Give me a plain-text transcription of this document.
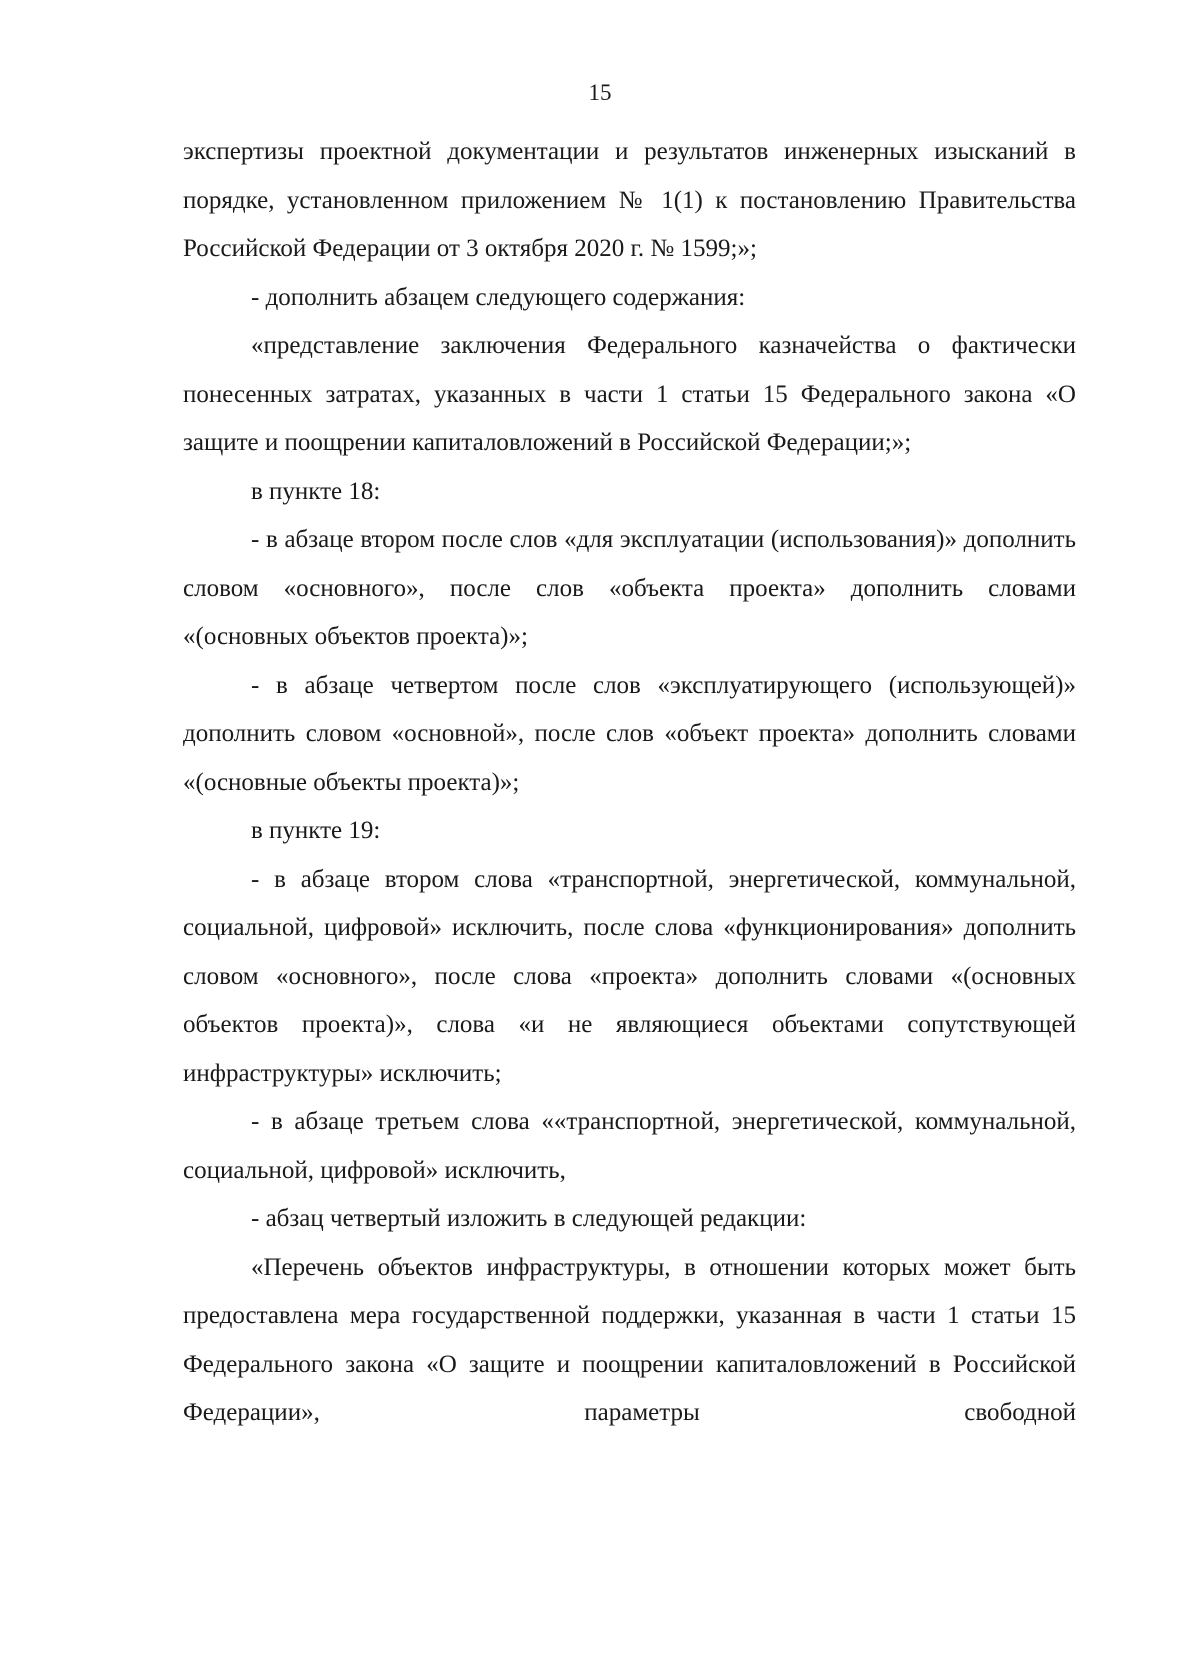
15

экспертизы проектной документации и результатов инженерных изысканий в порядке, установленном приложением № 1(1) к постановлению Правительства Российской Федерации от 3 октября 2020 г. № 1599;»;

- дополнить абзацем следующего содержания:

«представление заключения Федерального казначейства о фактически понесенных затратах, указанных в части 1 статьи 15 Федерального закона «О защите и поощрении капиталовложений в Российской Федерации;»;

в пункте 18:

- в абзаце втором после слов «для эксплуатации (использования)» дополнить словом «основного», после слов «объекта проекта» дополнить словами «(основных объектов проекта)»;

- в абзаце четвертом после слов «эксплуатирующего (использующей)» дополнить словом «основной», после слов «объект проекта» дополнить словами «(основные объекты проекта)»;

в пункте 19:

- в абзаце втором слова «транспортной, энергетической, коммунальной, социальной, цифровой» исключить, после слова «функционирования» дополнить словом «основного», после слова «проекта» дополнить словами «(основных объектов проекта)», слова «и не являющиеся объектами сопутствующей инфраструктуры» исключить;

- в абзаце третьем слова ««транспортной, энергетической, коммунальной, социальной, цифровой» исключить,

- абзац четвертый изложить в следующей редакции:

«Перечень объектов инфраструктуры, в отношении которых может быть предоставлена мера государственной поддержки, указанная в части 1 статьи 15 Федерального закона «О защите и поощрении капиталовложений в Российской Федерации», параметры свободной
